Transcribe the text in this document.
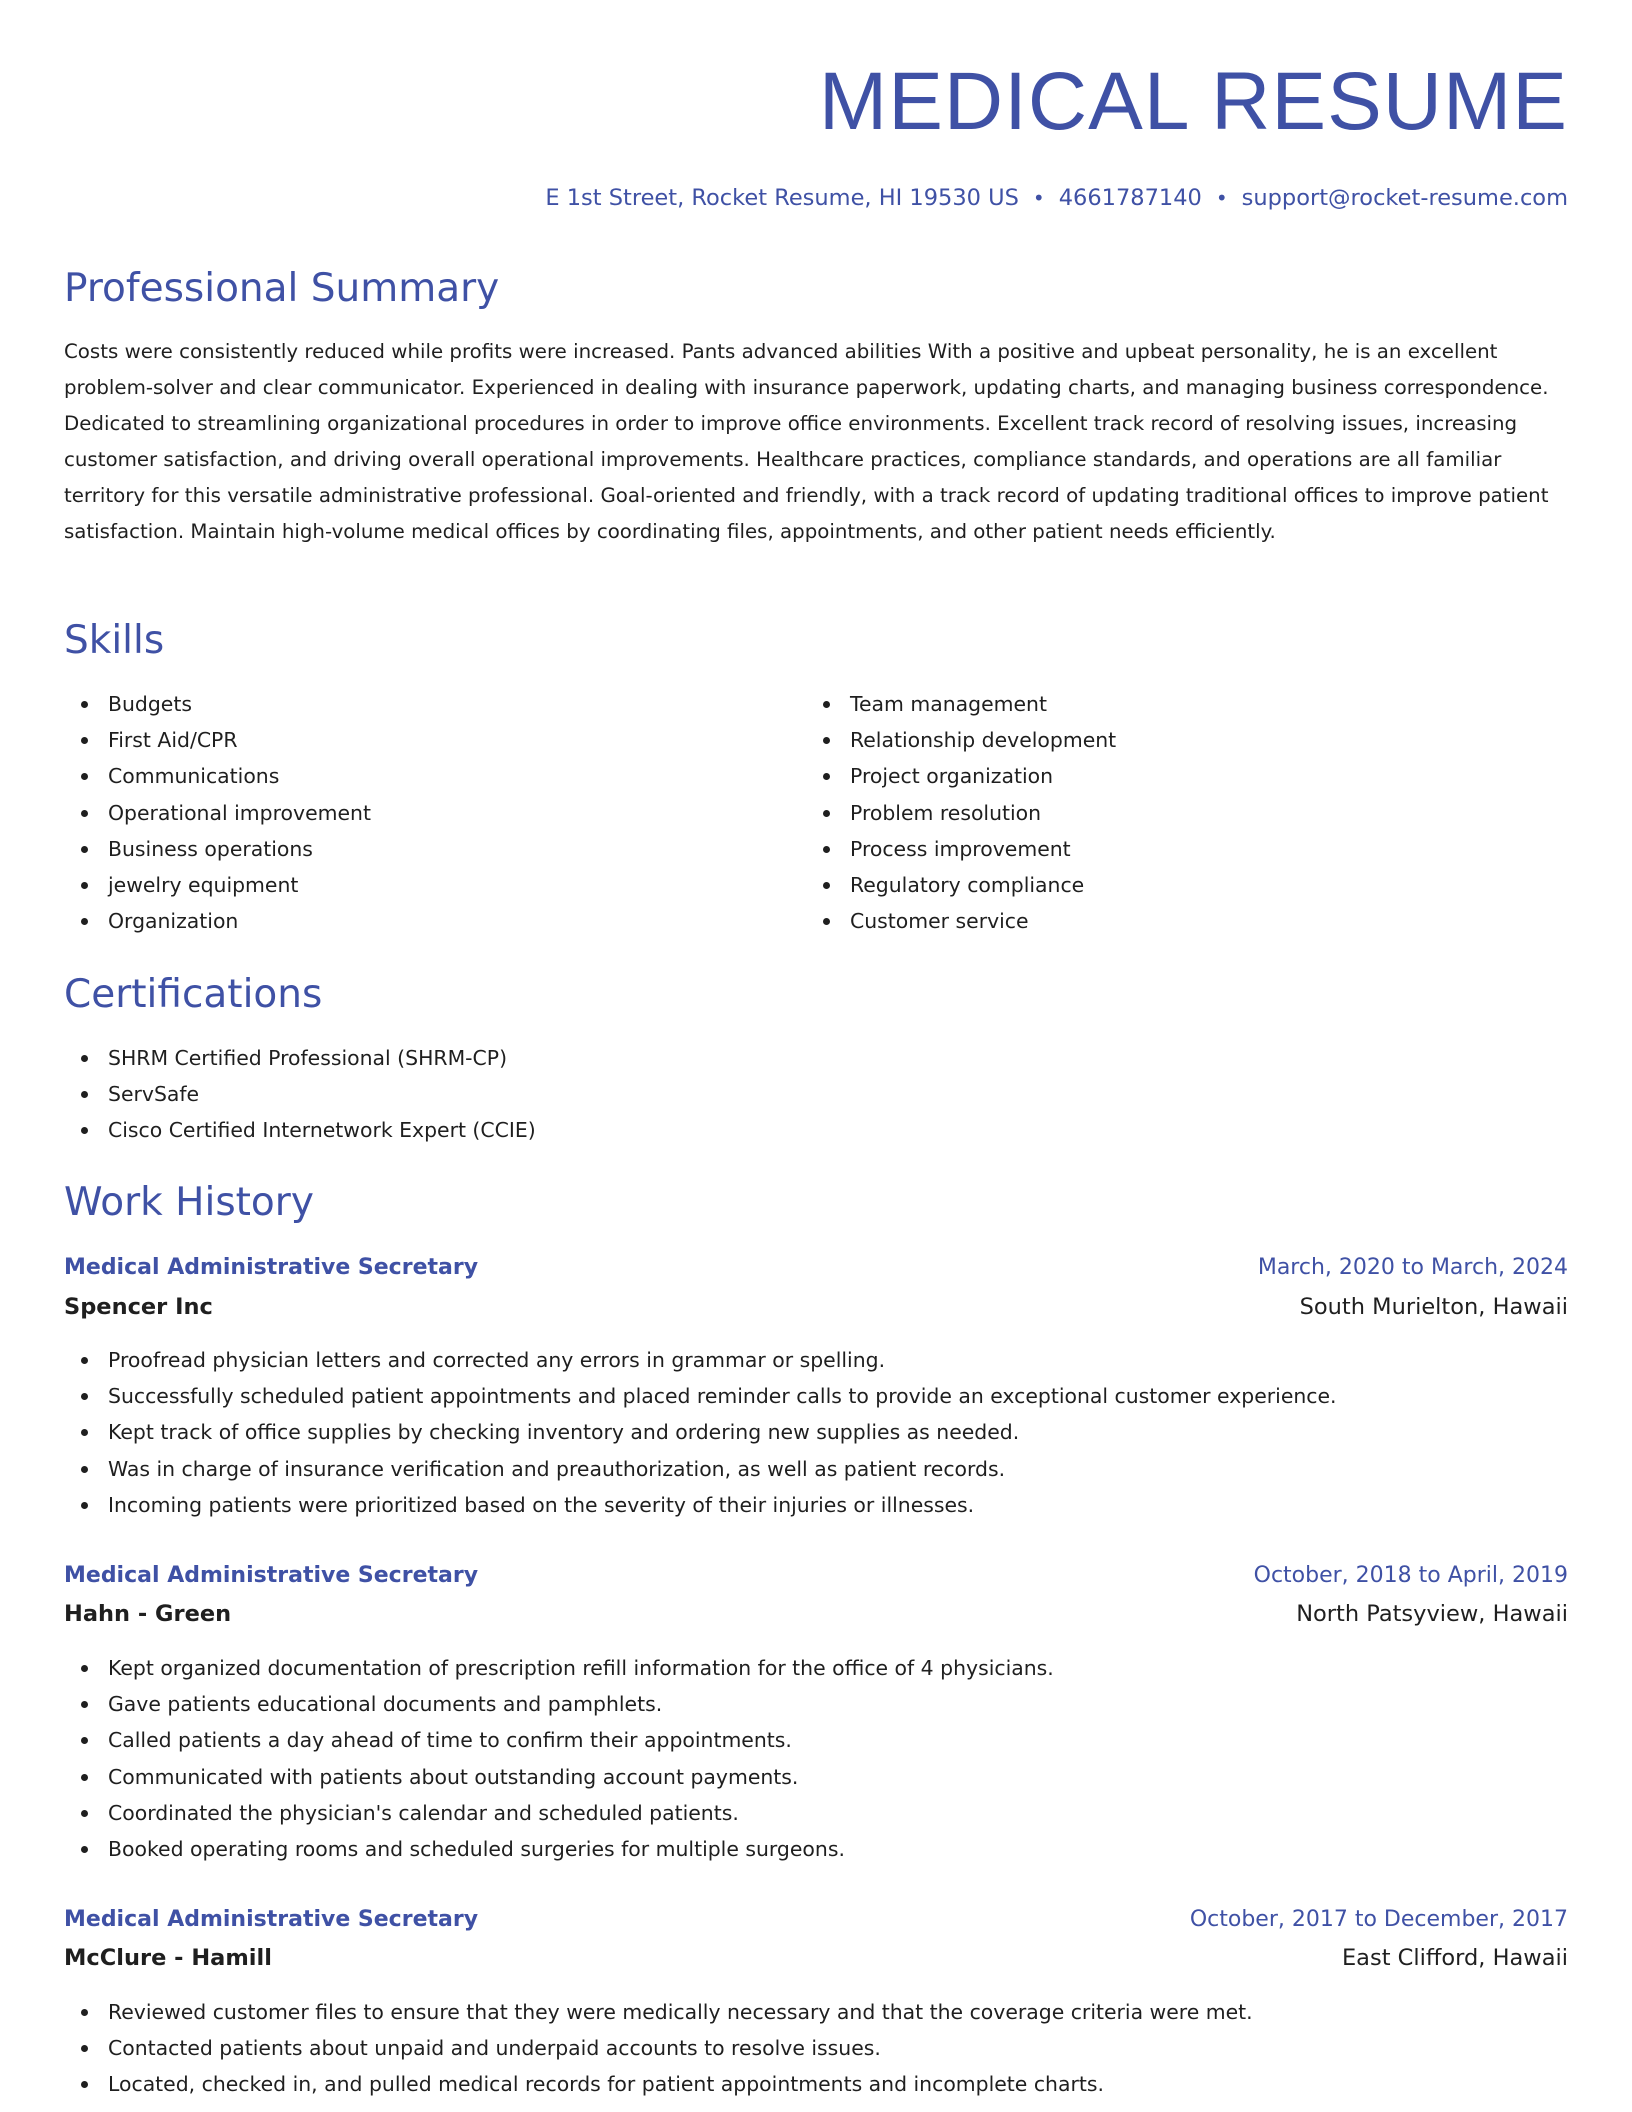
MEDICAL RESUME
E 1st Street, Rocket Resume, HI 19530 US • 4661787140 • support@rocket-resume.com
Professional Summary
Costs were consistently reduced while profits were increased. Pants advanced abilities With a positive and upbeat personality, he is an excellent problem-solver and clear communicator. Experienced in dealing with insurance paperwork, updating charts, and managing business correspondence. Dedicated to streamlining organizational procedures in order to improve office environments. Excellent track record of resolving issues, increasing customer satisfaction, and driving overall operational improvements. Healthcare practices, compliance standards, and operations are all familiar territory for this versatile administrative professional. Goal-oriented and friendly, with a track record of updating traditional offices to improve patient satisfaction. Maintain high-volume medical offices by coordinating files, appointments, and other patient needs efficiently.
Skills
Budgets
First Aid/CPR
Communications
Operational improvement
Business operations
jewelry equipment
Organization
Team management
Relationship development
Project organization
Problem resolution
Process improvement
Regulatory compliance
Customer service
Certifications
SHRM Certified Professional (SHRM-CP)
ServSafe
Cisco Certified Internetwork Expert (CCIE)
Work History
Medical Administrative Secretary	March, 2020 to March, 2024
Spencer Inc	South Murielton, Hawaii
Proofread physician letters and corrected any errors in grammar or spelling.
Successfully scheduled patient appointments and placed reminder calls to provide an exceptional customer experience.
Kept track of office supplies by checking inventory and ordering new supplies as needed.
Was in charge of insurance verification and preauthorization, as well as patient records.
Incoming patients were prioritized based on the severity of their injuries or illnesses.
Medical Administrative Secretary	October, 2018 to April, 2019
Hahn - Green	North Patsyview, Hawaii
Kept organized documentation of prescription refill information for the office of 4 physicians.
Gave patients educational documents and pamphlets.
Called patients a day ahead of time to confirm their appointments.
Communicated with patients about outstanding account payments.
Coordinated the physician's calendar and scheduled patients.
Booked operating rooms and scheduled surgeries for multiple surgeons.
Medical Administrative Secretary	October, 2017 to December, 2017
McClure - Hamill	East Clifford, Hawaii
Reviewed customer files to ensure that they were medically necessary and that the coverage criteria were met.
Contacted patients about unpaid and underpaid accounts to resolve issues.
Located, checked in, and pulled medical records for patient appointments and incomplete charts.
